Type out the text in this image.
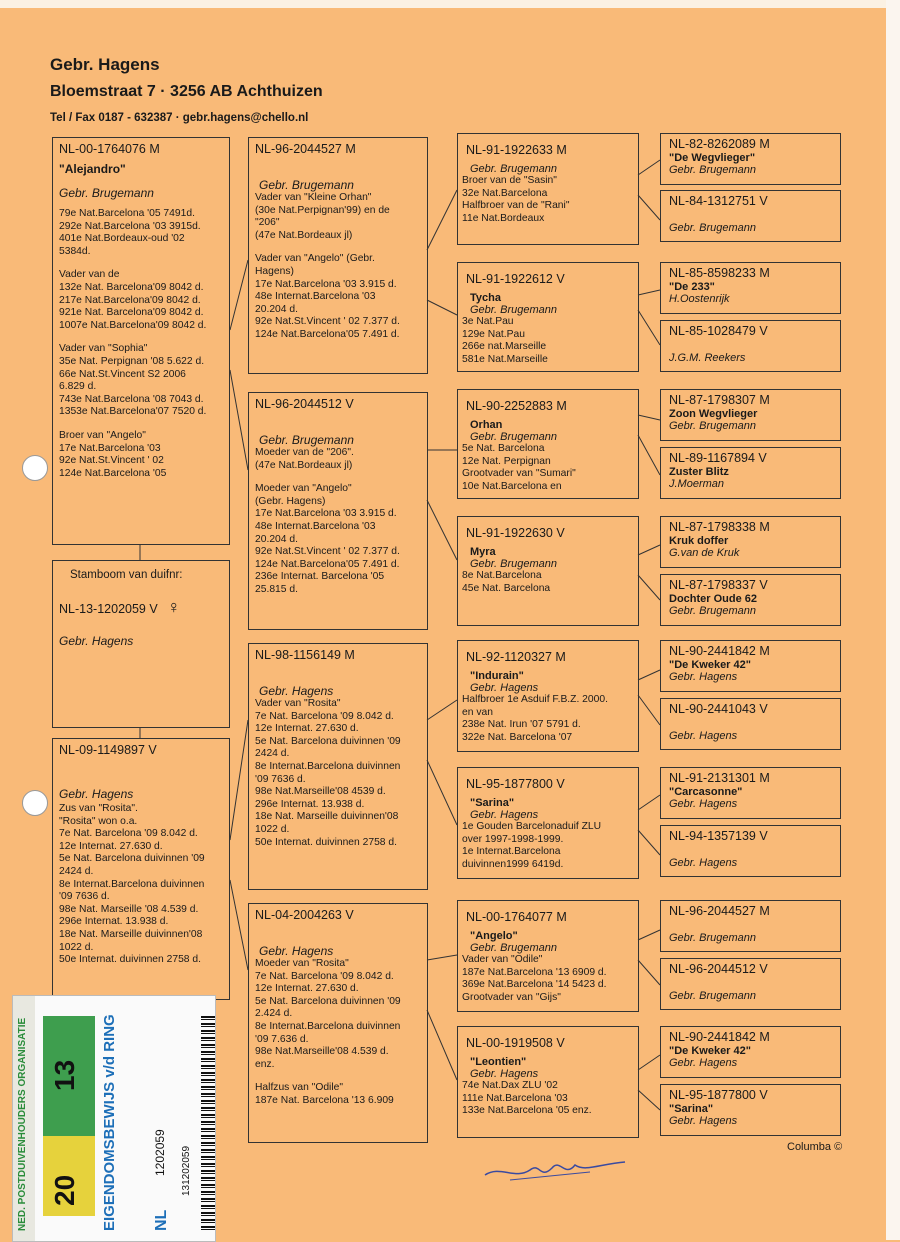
Gebr. Hagens
Bloemstraat 7 · 3256 AB Achthuizen
Tel / Fax 0187 - 632387 · gebr.hagens@chello.nl
NL-00-1764076 M
"Alejandro"
Gebr. Brugemann
79e Nat.Barcelona '05 7491d.
292e Nat.Barcelona '03 3915d.
401e Nat.Bordeaux-oud '02
5384d.
Vader van de
132e Nat. Barcelona'09 8042 d.
217e Nat.Barcelona'09 8042 d.
921e Nat. Barcelona'09 8042 d.
1007e Nat.Barcelona'09 8042 d.
Vader van "Sophia"
35e Nat. Perpignan '08 5.622 d.
66e Nat.St.Vincent S2 2006
6.829 d.
743e Nat.Barcelona '08 7043 d.
1353e Nat.Barcelona'07 7520 d.
Broer van "Angelo"
17e Nat.Barcelona '03
92e Nat.St.Vincent ' 02
124e Nat.Barcelona '05
Stamboom van duifnr:
NL-13-1202059 V ♀
Gebr. Hagens
NL-09-1149897 V
Gebr. Hagens
Zus van "Rosita".
"Rosita" won o.a.
7e Nat. Barcelona '09 8.042 d.
12e Internat. 27.630 d.
5e Nat. Barcelona duivinnen '09
2424 d.
8e Internat.Barcelona duivinnen
'09 7636 d.
98e Nat. Marseille '08 4.539 d.
296e Internat. 13.938 d.
18e Nat. Marseille duivinnen'08
1022 d.
50e Internat. duivinnen 2758 d.
NL-96-2044527 M
Gebr. Brugemann
Vader van "Kleine Orhan"
(30e Nat.Perpignan'99) en de
"206"
(47e Nat.Bordeaux jl)
Vader van "Angelo" (Gebr.
Hagens)
17e Nat.Barcelona '03 3.915 d.
48e Internat.Barcelona '03
20.204 d.
92e Nat.St.Vincent ' 02 7.377 d.
124e Nat.Barcelona'05 7.491 d.
NL-96-2044512 V
Gebr. Brugemann
Moeder van de "206".
(47e Nat.Bordeaux jl)
Moeder van "Angelo"
(Gebr. Hagens)
17e Nat.Barcelona '03 3.915 d.
48e Internat.Barcelona '03
20.204 d.
92e Nat.St.Vincent ' 02 7.377 d.
124e Nat.Barcelona'05 7.491 d.
236e Internat. Barcelona '05
25.815 d.
NL-98-1156149 M
Gebr. Hagens
Vader van "Rosita"
7e Nat. Barcelona '09 8.042 d.
12e Internat. 27.630 d.
5e Nat. Barcelona duivinnen '09
2424 d.
8e Internat.Barcelona duivinnen
'09 7636 d.
98e Nat.Marseille'08 4539 d.
296e Internat. 13.938 d.
18e Nat. Marseille duivinnen'08
1022 d.
50e Internat. duivinnen 2758 d.
NL-04-2004263 V
Gebr. Hagens
Moeder van "Rosita"
7e Nat. Barcelona '09 8.042 d.
12e Internat. 27.630 d.
5e Nat. Barcelona duivinnen '09
2.424 d.
8e Internat.Barcelona duivinnen
'09 7.636 d.
98e Nat.Marseille'08 4.539 d.
enz.
Halfzus van "Odile"
187e Nat. Barcelona '13 6.909
NL-91-1922633 M
Gebr. Brugemann
Broer van de "Sasin"
32e Nat.Barcelona
Halfbroer van de "Rani"
11e Nat.Bordeaux
NL-91-1922612 V
Tycha
Gebr. Brugemann
3e Nat.Pau
129e Nat.Pau
266e nat.Marseille
581e Nat.Marseille
NL-90-2252883 M
Orhan
Gebr. Brugemann
5e Nat. Barcelona
12e Nat. Perpignan
Grootvader van "Sumari"
10e Nat.Barcelona en
NL-91-1922630 V
Myra
Gebr. Brugemann
8e Nat.Barcelona
45e Nat. Barcelona
NL-92-1120327 M
"Indurain"
Gebr. Hagens
Halfbroer 1e Asduif F.B.Z. 2000.
en van
238e Nat. Irun '07 5791 d.
322e Nat. Barcelona '07
NL-95-1877800 V
"Sarina"
Gebr. Hagens
1e Gouden Barcelonaduif ZLU
over 1997-1998-1999.
1e Internat.Barcelona
duivinnen1999 6419d.
NL-00-1764077 M
"Angelo"
Gebr. Brugemann
Vader van "Odile"
187e Nat.Barcelona '13 6909 d.
369e Nat.Barcelona '14 5423 d.
Grootvader van "Gijs"
NL-00-1919508 V
"Leontien"
Gebr. Hagens
74e Nat.Dax ZLU '02
111e Nat.Barcelona '03
133e Nat.Barcelona '05 enz.
NL-82-8262089 M
"De Wegvlieger"
Gebr. Brugemann
NL-84-1312751 V
Gebr. Brugemann
NL-85-8598233 M
"De 233"
H.Oostenrijk
NL-85-1028479 V
J.G.M. Reekers
NL-87-1798307 M
Zoon Wegvlieger
Gebr. Brugemann
NL-89-1167894 V
Zuster Blitz
J.Moerman
NL-87-1798338 M
Kruk doffer
G.van de Kruk
NL-87-1798337 V
Dochter Oude 62
Gebr. Brugemann
NL-90-2441842 M
"De Kweker 42"
Gebr. Hagens
NL-90-2441043 V
Gebr. Hagens
NL-91-2131301 M
"Carcasonne"
Gebr. Hagens
NL-94-1357139 V
Gebr. Hagens
NL-96-2044527 M
Gebr. Brugemann
NL-96-2044512 V
Gebr. Brugemann
NL-90-2441842 M
"De Kweker 42"
Gebr. Hagens
NL-95-1877800 V
"Sarina"
Gebr. Hagens
NED. POSTDUIVENHOUDERS ORGANISATIE 20
13 EIGENDOMSBEWIJS v/d RING NL
1202059 131202059	Columba ©
